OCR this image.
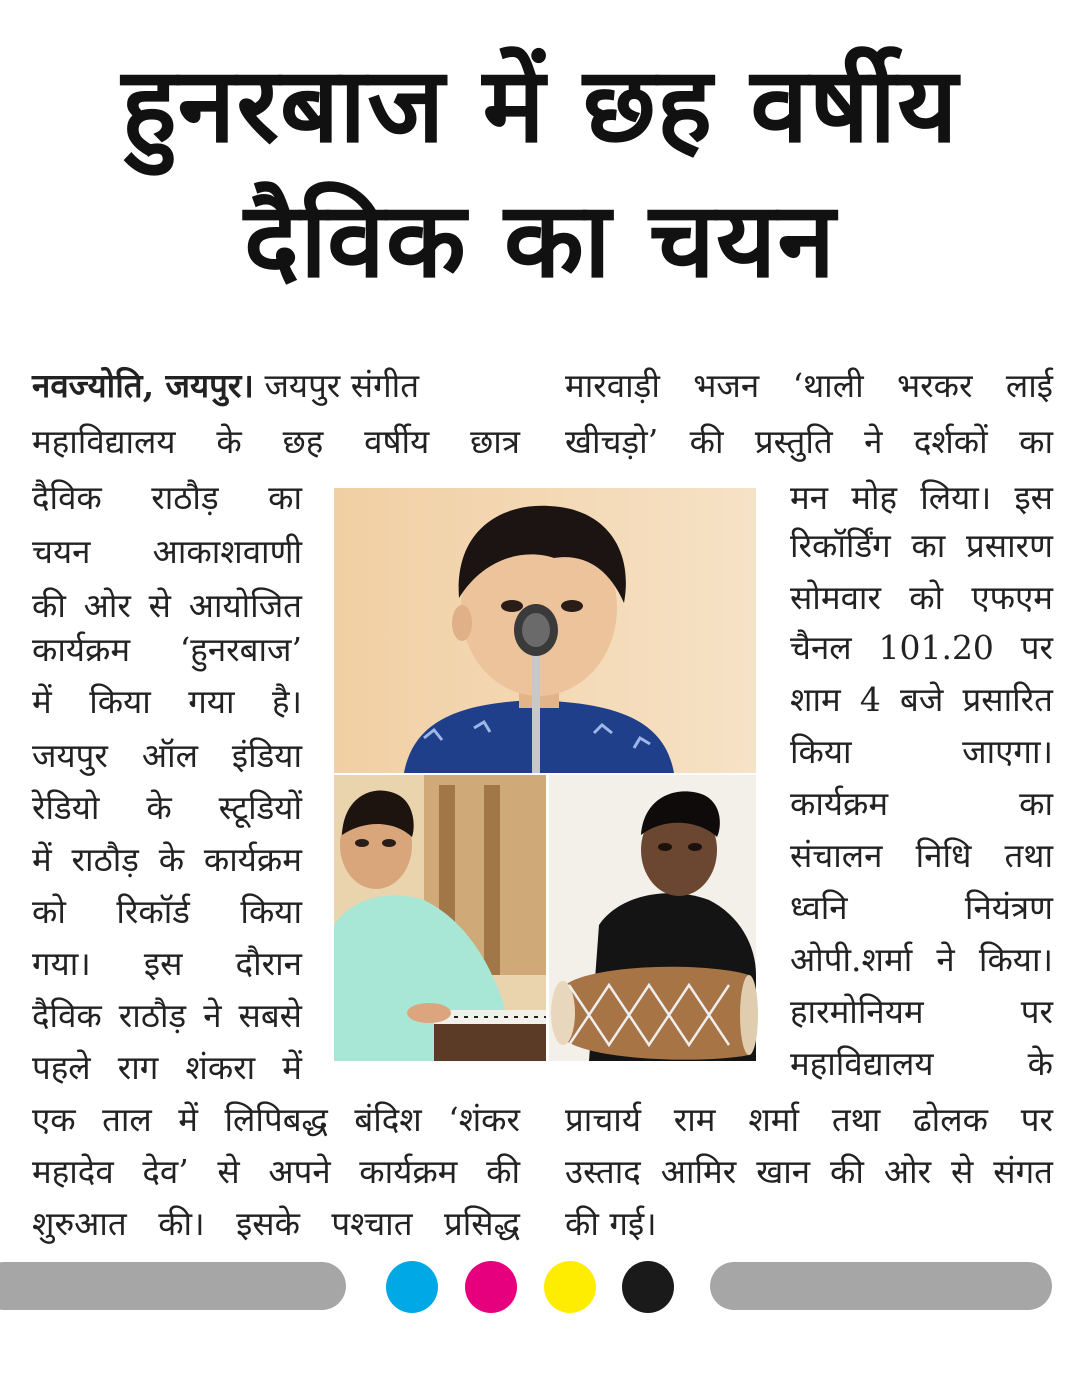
हुनरबाज में छह वर्षीय
दैविक का चयन
नवज्योति, जयपुर। जयपुर संगीत
महाविद्यालय के छह वर्षीय छात्र
दैविक राठौड़ का
चयन आकाशवाणी
की ओर से आयोजित
कार्यक्रम ‘हुनरबाज’
में किया गया है।
जयपुर ऑल इंडिया
रेडियो के स्टूडियों
में राठौड़ के कार्यक्रम
को रिकॉर्ड किया
गया। इस दौरान
दैविक राठौड़ ने सबसे
पहले राग शंकरा में
एक ताल में लिपिबद्ध बंदिश ‘शंकर
महादेव देव’ से अपने कार्यक्रम की
शुरुआत की। इसके पश्चात प्रसिद्ध
मारवाड़ी भजन ‘थाली भरकर लाई
खीचड़ो’ की प्रस्तुति ने दर्शकों का
मन मोह लिया। इस
रिकॉर्डिंग का प्रसारण
सोमवार को एफएम
चैनल 101.20 पर
शाम 4 बजे प्रसारित
किया जाएगा।
कार्यक्रम का
संचालन निधि तथा
ध्वनि नियंत्रण
ओपी.शर्मा ने किया।
हारमोनियम पर
महाविद्यालय के
प्राचार्य राम शर्मा तथा ढोलक पर
उस्ताद आमिर खान की ओर से संगत
की गई।
